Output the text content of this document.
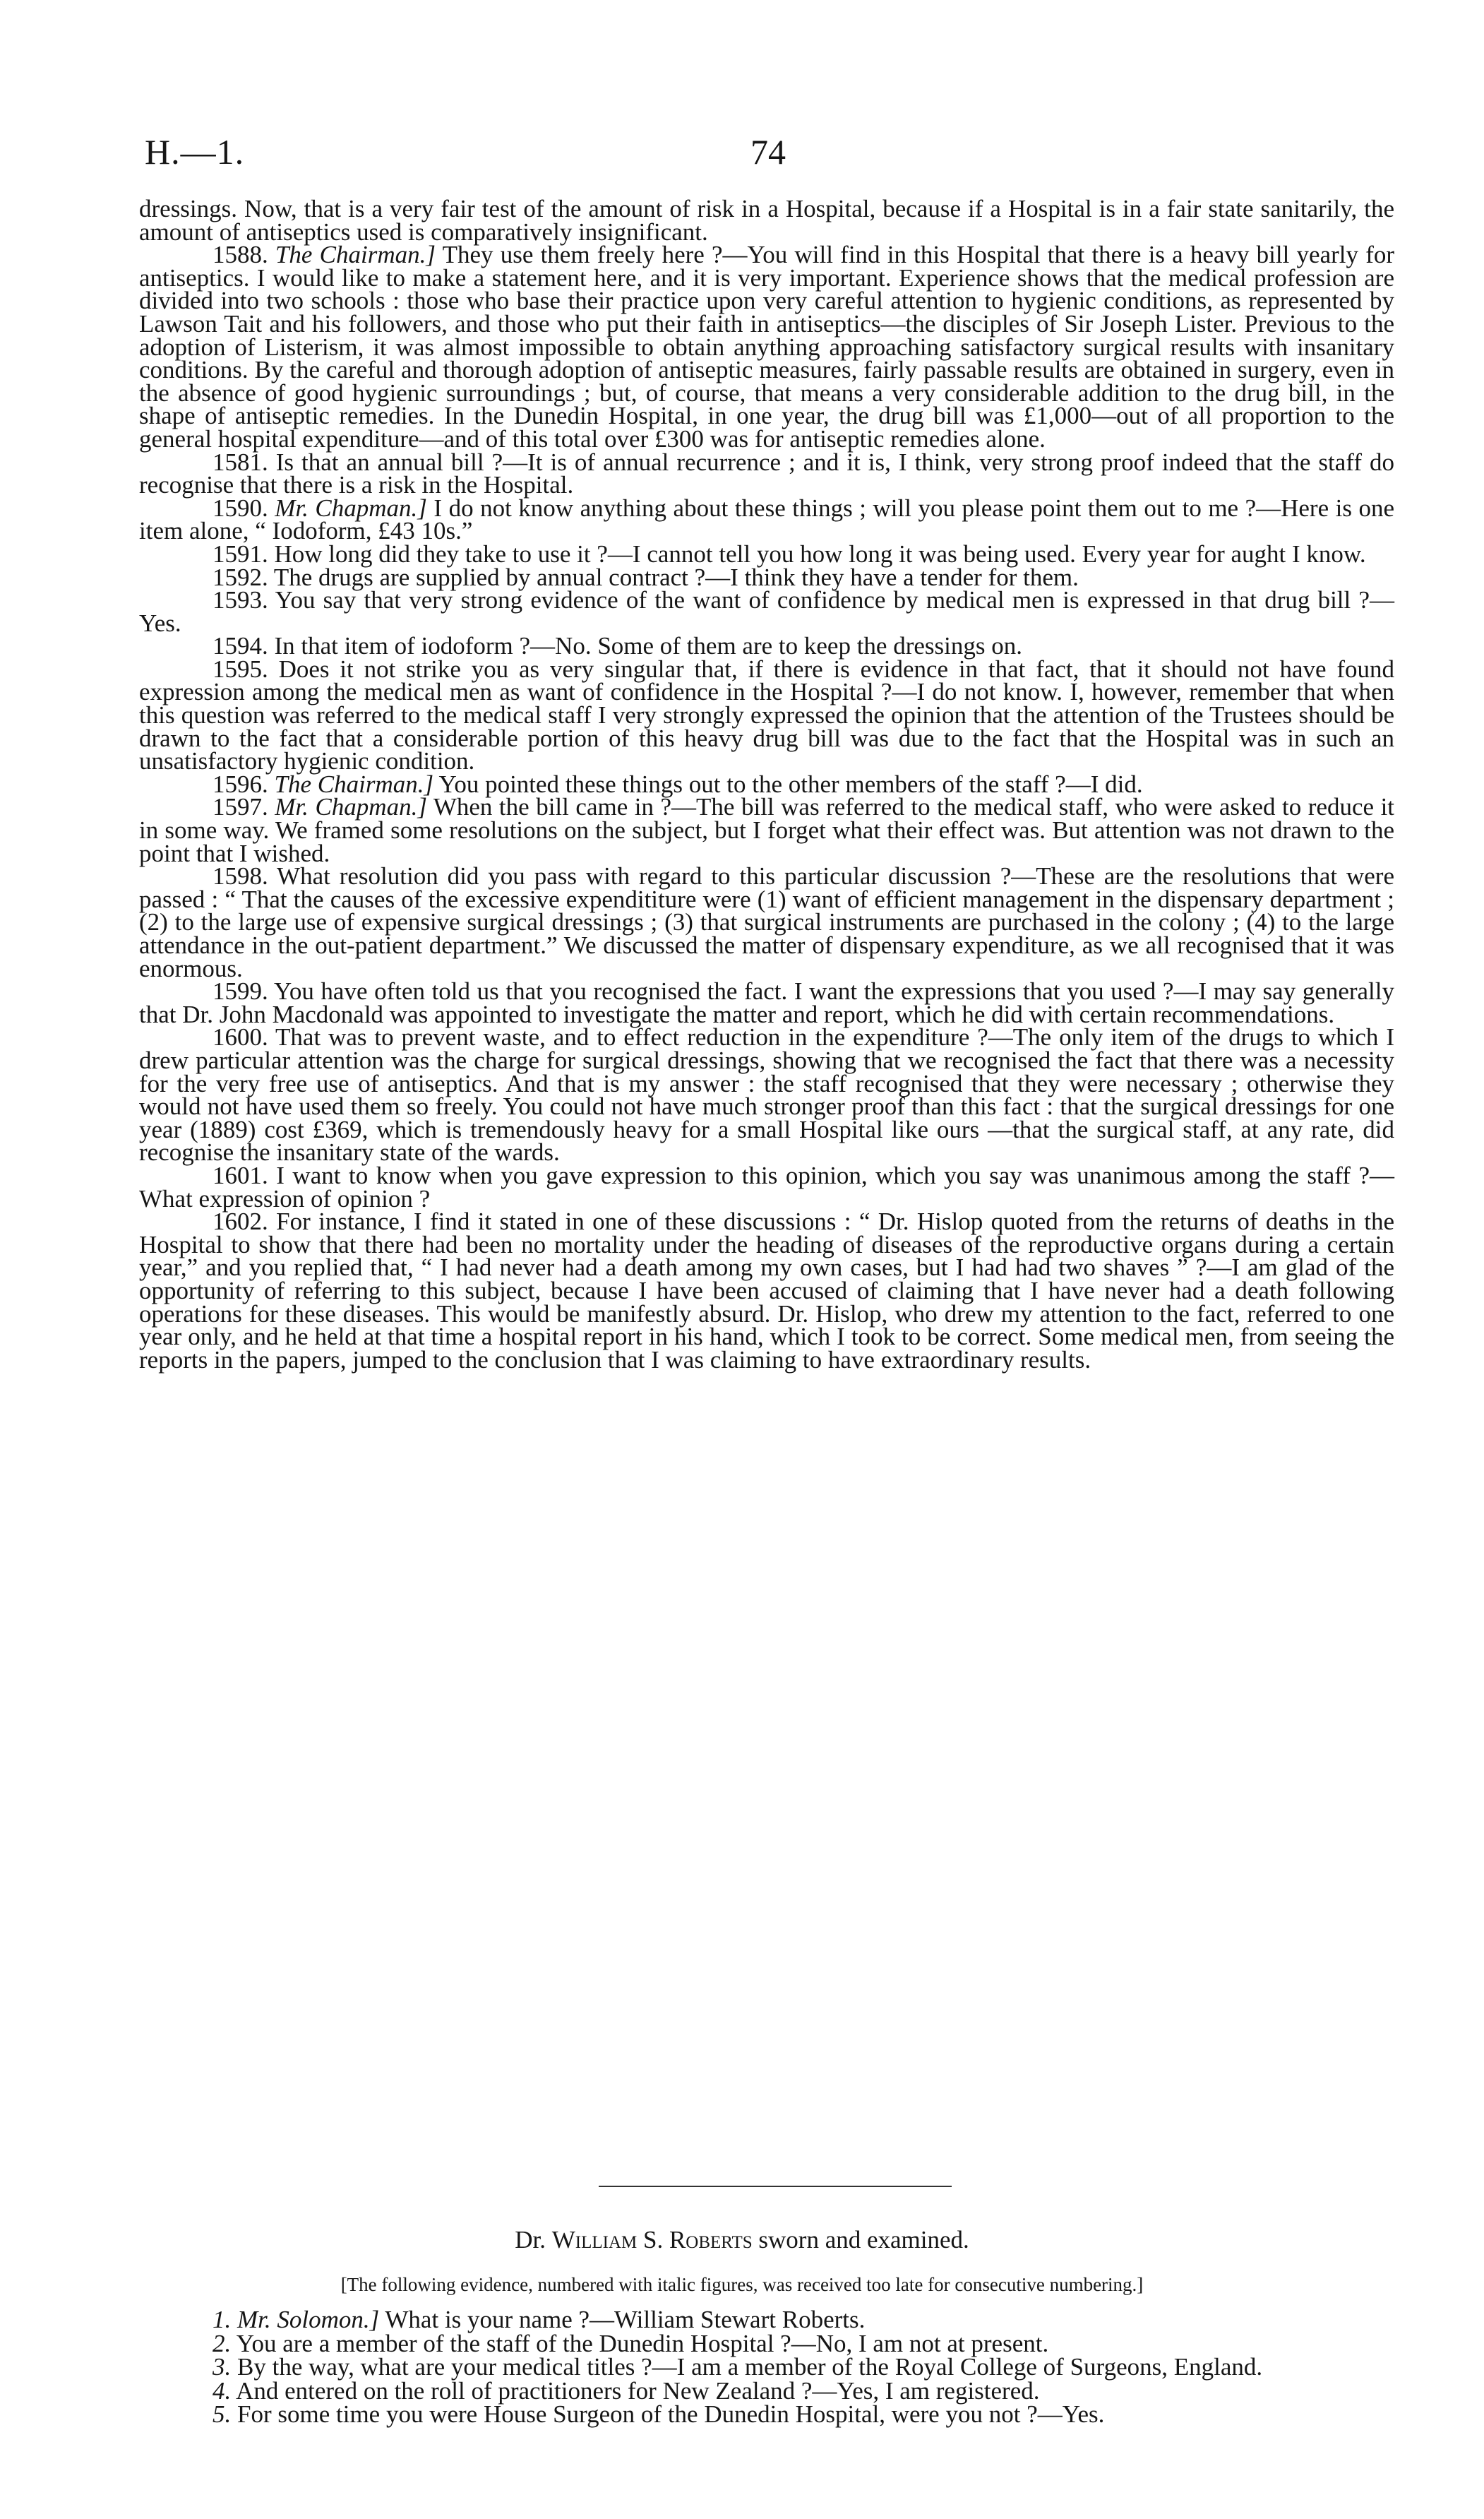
H.—1.	74

dressings. Now, that is a very fair test of the amount of risk in a Hospital, because if a Hospital is in a fair state sanitarily, the amount of antiseptics used is comparatively insignificant.

1588. The Chairman.] They use them freely here ?—You will find in this Hospital that there is a heavy bill yearly for antiseptics. I would like to make a statement here, and it is very important. Experience shows that the medical profession are divided into two schools : those who base their practice upon very careful attention to hygienic conditions, as represented by Lawson Tait and his followers, and those who put their faith in antiseptics—the disciples of Sir Joseph Lister. Previous to the adoption of Listerism, it was almost impossible to obtain anything approaching satisfactory surgical results with insanitary conditions. By the careful and thorough adoption of antiseptic measures, fairly passable results are obtained in surgery, even in the absence of good hygienic surroundings ; but, of course, that means a very considerable addition to the drug bill, in the shape of antiseptic remedies. In the Dunedin Hospital, in one year, the drug bill was £1,000—out of all proportion to the general hospital expenditure—and of this total over £300 was for antiseptic remedies alone.

1581. Is that an annual bill ?—It is of annual recurrence ; and it is, I think, very strong proof indeed that the staff do recognise that there is a risk in the Hospital.

1590. Mr. Chapman.] I do not know anything about these things ; will you please point them out to me ?—Here is one item alone, “ Iodoform, £43 10s.”

1591. How long did they take to use it ?—I cannot tell you how long it was being used. Every year for aught I know.

1592. The drugs are supplied by annual contract ?—I think they have a tender for them.

1593. You say that very strong evidence of the want of confidence by medical men is expressed in that drug bill ?—Yes.

1594. In that item of iodoform ?—No. Some of them are to keep the dressings on.

1595. Does it not strike you as very singular that, if there is evidence in that fact, that it should not have found expression among the medical men as want of confidence in the Hospital ?—I do not know. I, however, remember that when this question was referred to the medical staff I very strongly expressed the opinion that the attention of the Trustees should be drawn to the fact that a considerable portion of this heavy drug bill was due to the fact that the Hospital was in such an unsatisfactory hygienic condition.

1596. The Chairman.] You pointed these things out to the other members of the staff ?—I did.

1597. Mr. Chapman.] When the bill came in ?—The bill was referred to the medical staff, who were asked to reduce it in some way. We framed some resolutions on the subject, but I forget what their effect was. But attention was not drawn to the point that I wished.

1598. What resolution did you pass with regard to this particular discussion ?—These are the resolutions that were passed : “ That the causes of the excessive expendititure were (1) want of efficient management in the dispensary department ; (2) to the large use of expensive surgical dressings ; (3) that surgical instruments are purchased in the colony ; (4) to the large attendance in the out-patient department.” We discussed the matter of dispensary expenditure, as we all recognised that it was enormous.

1599. You have often told us that you recognised the fact. I want the expressions that you used ?—I may say generally that Dr. John Macdonald was appointed to investigate the matter and report, which he did with certain recommendations.

1600. That was to prevent waste, and to effect reduction in the expenditure ?—The only item of the drugs to which I drew particular attention was the charge for surgical dressings, showing that we recognised the fact that there was a necessity for the very free use of antiseptics. And that is my answer : the staff recognised that they were necessary ; otherwise they would not have used them so freely. You could not have much stronger proof than this fact : that the surgical dressings for one year (1889) cost £369, which is tremendously heavy for a small Hospital like ours —that the surgical staff, at any rate, did recognise the insanitary state of the wards.

1601. I want to know when you gave expression to this opinion, which you say was unanimous among the staff ?—What expression of opinion ?

1602. For instance, I find it stated in one of these discussions : “ Dr. Hislop quoted from the returns of deaths in the Hospital to show that there had been no mortality under the heading of diseases of the reproductive organs during a certain year,” and you replied that, “ I had never had a death among my own cases, but I had had two shaves ” ?—I am glad of the opportunity of referring to this subject, because I have been accused of claiming that I have never had a death following operations for these diseases. This would be manifestly absurd. Dr. Hislop, who drew my attention to the fact, referred to one year only, and he held at that time a hospital report in his hand, which I took to be correct. Some medical men, from seeing the reports in the papers, jumped to the conclusion that I was claiming to have extraordinary results.

Dr. William S. Roberts sworn and examined.
[The following evidence, numbered with italic figures, was received too late for consecutive numbering.]

1. Mr. Solomon.] What is your name ?—William Stewart Roberts.

2. You are a member of the staff of the Dunedin Hospital ?—No, I am not at present.

3. By the way, what are your medical titles ?—I am a member of the Royal College of Surgeons, England.

4. And entered on the roll of practitioners for New Zealand ?—Yes, I am registered.

5. For some time you were House Surgeon of the Dunedin Hospital, were you not ?—Yes.
